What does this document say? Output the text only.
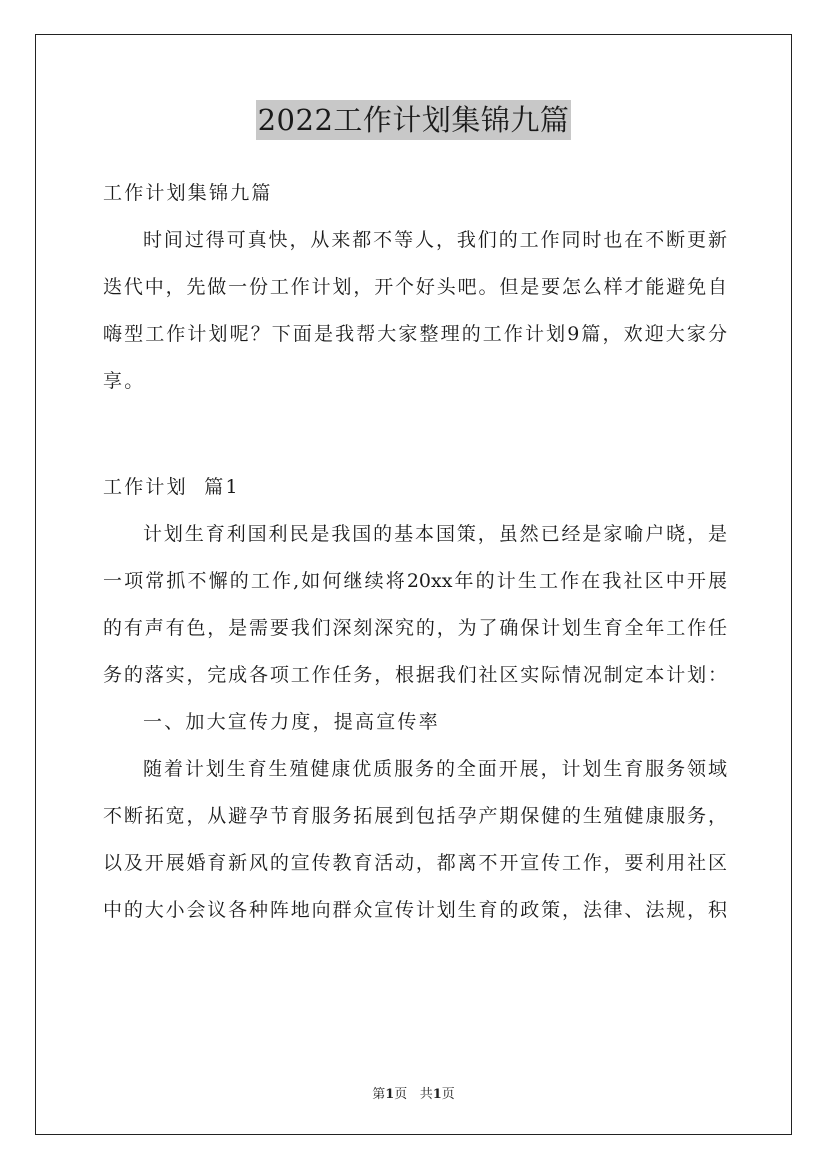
2022工作计划集锦九篇
工作计划集锦九篇
时间过得可真快，从来都不等人，我们的工作同时也在不断更新
迭代中，先做一份工作计划，开个好头吧。但是要怎么样才能避免自
嗨型工作计划呢？下面是我帮大家整理的工作计划9篇，欢迎大家分
享。
工作计划  篇1
计划生育利国利民是我国的基本国策，虽然已经是家喻户晓，是
一项常抓不懈的工作,如何继续将20xx年的计生工作在我社区中开展
的有声有色，是需要我们深刻深究的，为了确保计划生育全年工作任
务的落实，完成各项工作任务，根据我们社区实际情况制定本计划：
一、加大宣传力度，提高宣传率
随着计划生育生殖健康优质服务的全面开展，计划生育服务领域
不断拓宽，从避孕节育服务拓展到包括孕产期保健的生殖健康服务，
以及开展婚育新风的宣传教育活动，都离不开宣传工作，要利用社区
中的大小会议各种阵地向群众宣传计划生育的政策，法律、法规，积
第1页 共1页
